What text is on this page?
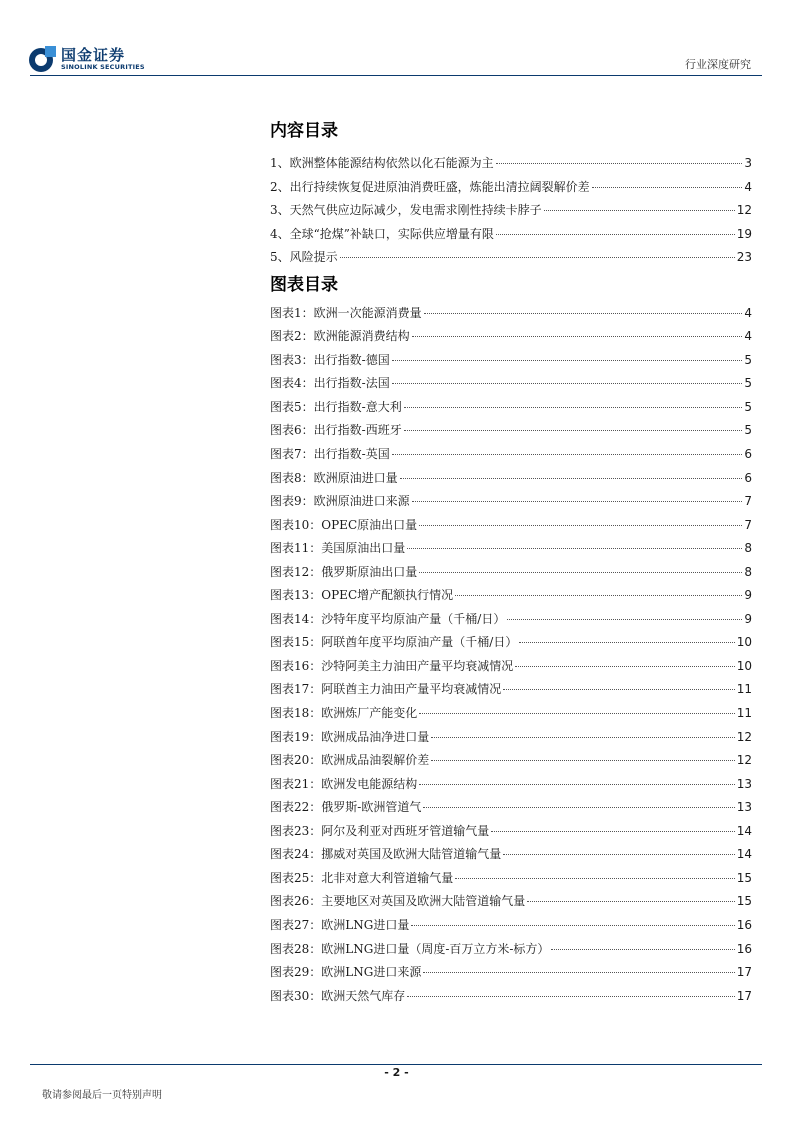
国金证券
SINOLINK SECURITIES	行业深度研究
内容目录
1、欧洲整体能源结构依然以化石能源为主	3
2、出行持续恢复促进原油消费旺盛，炼能出清拉阔裂解价差	4
3、天然气供应边际减少，发电需求刚性持续卡脖子	12
4、全球“抢煤”补缺口，实际供应增量有限	19
5、风险提示	23
图表目录
图表1：欧洲一次能源消费量	4
图表2：欧洲能源消费结构	4
图表3：出行指数-德国	5
图表4：出行指数-法国	5
图表5：出行指数-意大利	5
图表6：出行指数-西班牙	5
图表7：出行指数-英国	6
图表8：欧洲原油进口量	6
图表9：欧洲原油进口来源	7
图表10：OPEC原油出口量	7
图表11：美国原油出口量	8
图表12：俄罗斯原油出口量	8
图表13：OPEC增产配额执行情况	9
图表14：沙特年度平均原油产量（千桶/日）	9
图表15：阿联酋年度平均原油产量（千桶/日）	10
图表16：沙特阿美主力油田产量平均衰减情况	10
图表17：阿联酋主力油田产量平均衰减情况	11
图表18：欧洲炼厂产能变化	11
图表19：欧洲成品油净进口量	12
图表20：欧洲成品油裂解价差	12
图表21：欧洲发电能源结构	13
图表22：俄罗斯-欧洲管道气	13
图表23：阿尔及利亚对西班牙管道输气量	14
图表24：挪威对英国及欧洲大陆管道输气量	14
图表25：北非对意大利管道输气量	15
图表26：主要地区对英国及欧洲大陆管道输气量	15
图表27：欧洲LNG进口量	16
图表28：欧洲LNG进口量（周度-百万立方米-标方）	16
图表29：欧洲LNG进口来源	17
图表30：欧洲天然气库存	17
- 2 -
敬请参阅最后一页特别声明
